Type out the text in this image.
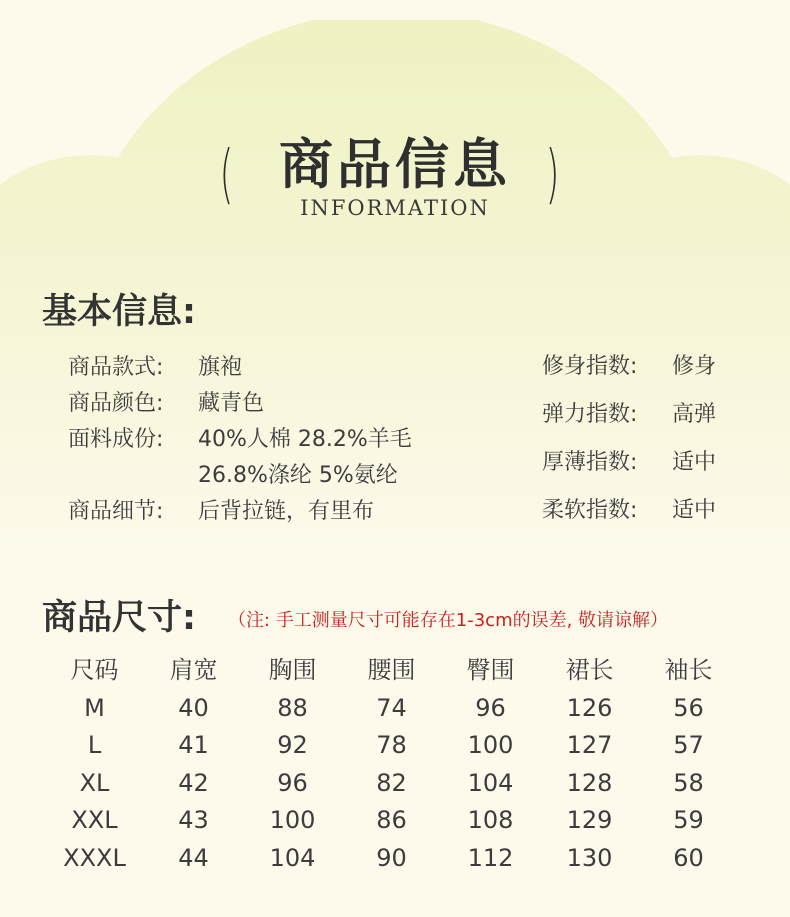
( 商品信息
INFORMATION )
基本信息:
商品款式:	旗袍
商品颜色:	藏青色
面料成份:	40%人棉 28.2%羊毛
26.8%涤纶 5%氨纶
商品细节:	后背拉链，有里布
修身指数:	修身
弹力指数:	高弹
厚薄指数:	适中
柔软指数:	适中
商品尺寸: （注: 手工测量尺寸可能存在1-3cm的误差, 敬请谅解）
尺码	肩宽	胸围	腰围	臀围	裙长	袖长
M	40	88	74	96	126	56
L	41	92	78	100	127	57
XL	42	96	82	104	128	58
XXL	43	100	86	108	129	59
XXXL	44	104	90	112	130	60
